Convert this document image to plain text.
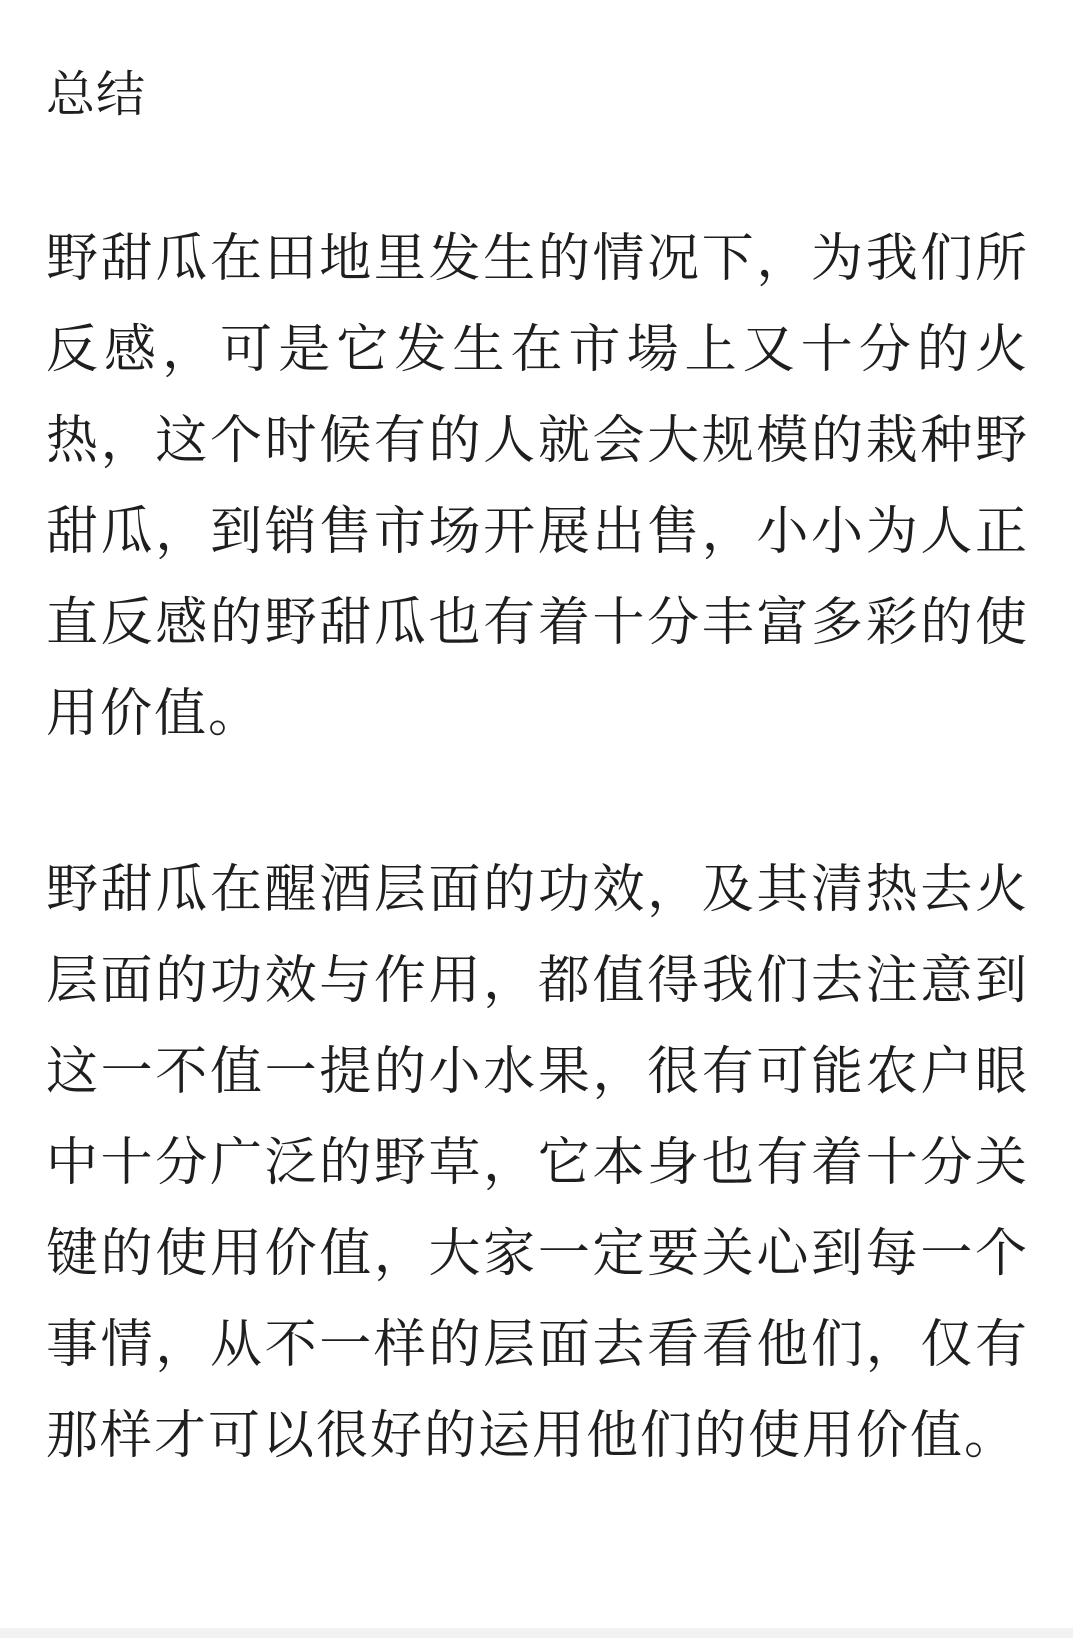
总结

野甜瓜在田地里发生的情况下，为我们所反感，可是它发生在市場上又十分的火热，这个时候有的人就会大规模的栽种野甜瓜，到销售市场开展出售，小小为人正直反感的野甜瓜也有着十分丰富多彩的使用价值。

野甜瓜在醒酒层面的功效，及其清热去火层面的功效与作用，都值得我们去注意到这一不值一提的小水果，很有可能农户眼中十分广泛的野草，它本身也有着十分关键的使用价值，大家一定要关心到每一个事情，从不一样的层面去看看他们，仅有那样才可以很好的运用他们的使用价值。
